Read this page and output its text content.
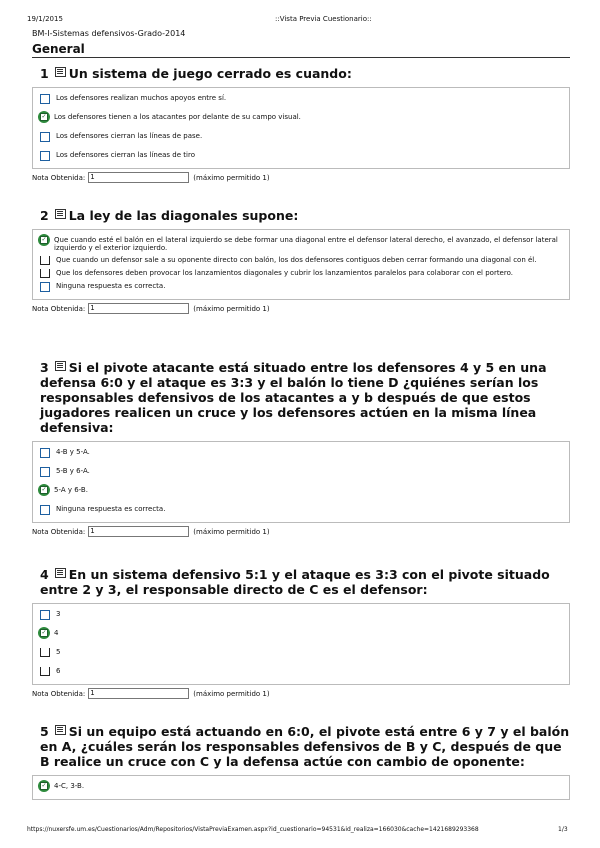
19/1/2015	::Vista Previa Cuestionario::
BM-I-Sistemas defensivos-Grado-2014
General
1 Un sistema de juego cerrado es cuando:
Los defensores realizan muchos apoyos entre sí.
✓ Los defensores tienen a los atacantes por delante de su campo visual.
Los defensores cierran las líneas de pase.
Los defensores cierran las líneas de tiro
Nota Obtenida: 1	(máximo permitido 1)
2 La ley de las diagonales supone:
✓ Que cuando esté el balón en el lateral izquierdo se debe formar una diagonal entre el defensor lateral derecho, el avanzado, el defensor lateral izquierdo y el exterior izquierdo.
Que cuando un defensor sale a su oponente directo con balón, los dos defensores contiguos deben cerrar formando una diagonal con él.
Que los defensores deben provocar los lanzamientos diagonales y cubrir los lanzamientos paralelos para colaborar con el portero.
Ninguna respuesta es correcta.
Nota Obtenida: 1	(máximo permitido 1)
3 Si el pivote atacante está situado entre los defensores 4 y 5 en una defensa 6:0 y el ataque es 3:3 y el balón lo tiene D ¿quiénes serían los responsables defensivos de los atacantes a y b después de que estos jugadores realicen un cruce y los defensores actúen en la misma línea defensiva:
4-B y 5-A.
5-B y 6-A.
✓ 5-A y 6-B.
Ninguna respuesta es correcta.
Nota Obtenida: 1	(máximo permitido 1)
4 En un sistema defensivo 5:1 y el ataque es 3:3 con el pivote situado entre 2 y 3, el responsable directo de C es el defensor:
3
✓ 4
5
6
Nota Obtenida: 1	(máximo permitido 1)
5 Si un equipo está actuando en 6:0, el pivote está entre 6 y 7 y el balón en A, ¿cuáles serán los responsables defensivos de B y C, después de que B realice un cruce con C y la defensa actúe con cambio de oponente:
✓ 4-C, 3-B.
https://nuxersfe.um.es/Cuestionarios/Adm/Repositorios/VistaPreviaExamen.aspx?id_cuestionario=94531&id_realiza=166030&cache=1421689293368	1/3
